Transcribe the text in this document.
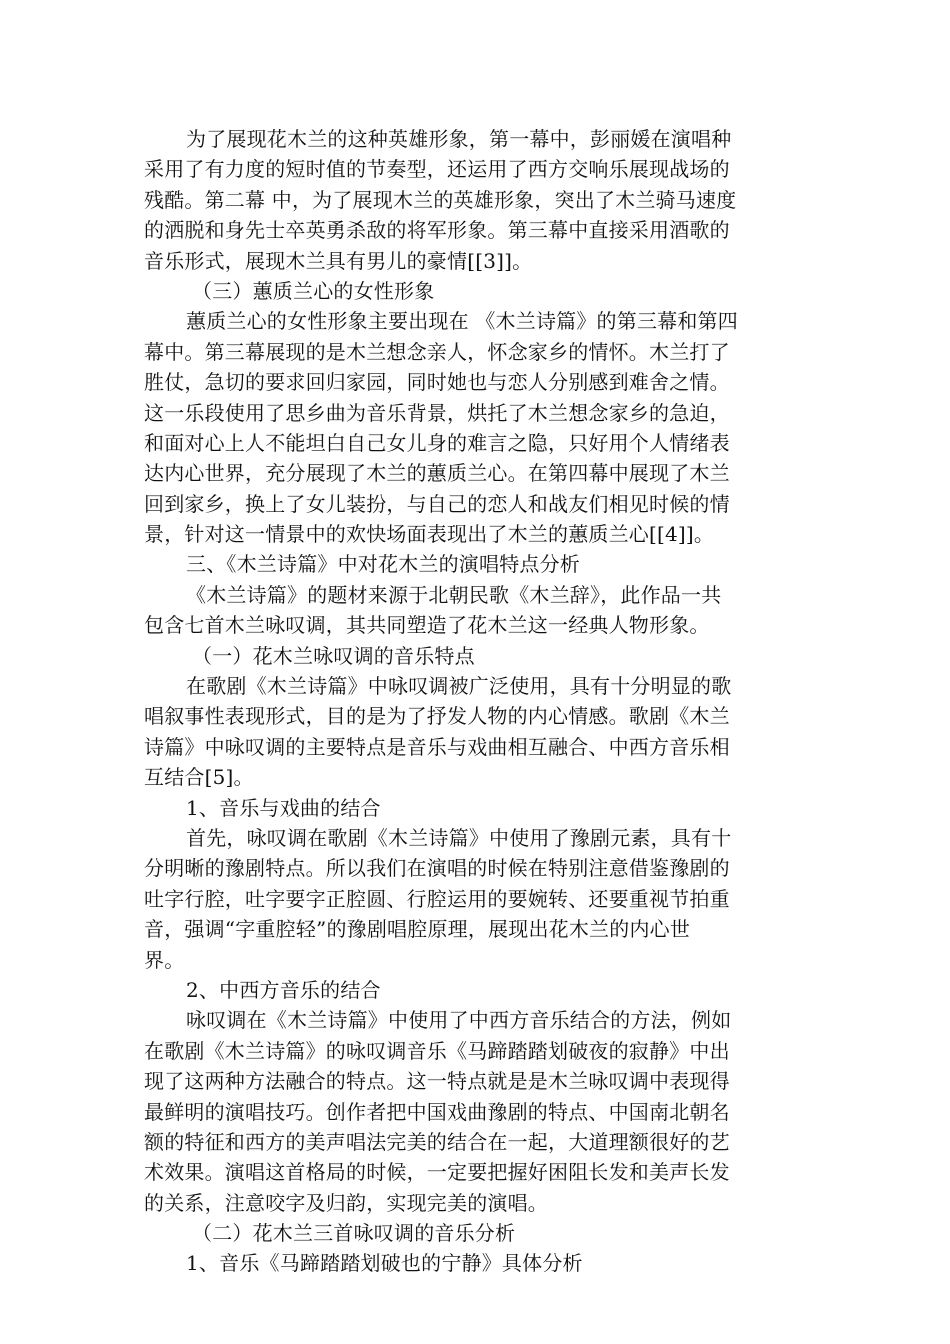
为了展现花木兰的这种英雄形象，第一幕中，彭丽媛在演唱种
采用了有力度的短时值的节奏型，还运用了西方交响乐展现战场的
残酷。第二幕 中，为了展现木兰的英雄形象，突出了木兰骑马速度
的洒脱和身先士卒英勇杀敌的将军形象。第三幕中直接采用酒歌的
音乐形式，展现木兰具有男儿的豪情[[3]]。
（三）蕙质兰心的女性形象
蕙质兰心的女性形象主要出现在 《木兰诗篇》的第三幕和第四
幕中。第三幕展现的是木兰想念亲人，怀念家乡的情怀。木兰打了
胜仗，急切的要求回归家园，同时她也与恋人分别感到难舍之情。
这一乐段使用了思乡曲为音乐背景，烘托了木兰想念家乡的急迫，
和面对心上人不能坦白自己女儿身的难言之隐，只好用个人情绪表
达内心世界，充分展现了木兰的蕙质兰心。在第四幕中展现了木兰
回到家乡，换上了女儿装扮，与自己的恋人和战友们相见时候的情
景，针对这一情景中的欢快场面表现出了木兰的蕙质兰心[[4]]。
三、《木兰诗篇》中对花木兰的演唱特点分析
《木兰诗篇》的题材来源于北朝民歌《木兰辞》，此作品一共
包含七首木兰咏叹调，其共同塑造了花木兰这一经典人物形象。
（一）花木兰咏叹调的音乐特点
在歌剧《木兰诗篇》中咏叹调被广泛使用，具有十分明显的歌
唱叙事性表现形式，目的是为了抒发人物的内心情感。歌剧《木兰
诗篇》中咏叹调的主要特点是音乐与戏曲相互融合、中西方音乐相
互结合[5]。
1、音乐与戏曲的结合
首先，咏叹调在歌剧《木兰诗篇》中使用了豫剧元素，具有十
分明晰的豫剧特点。所以我们在演唱的时候在特别注意借鉴豫剧的
吐字行腔，吐字要字正腔圆、行腔运用的要婉转、还要重视节拍重
音，强调“字重腔轻”的豫剧唱腔原理，展现出花木兰的内心世
界。
2、中西方音乐的结合
咏叹调在《木兰诗篇》中使用了中西方音乐结合的方法，例如
在歌剧《木兰诗篇》的咏叹调音乐《马蹄踏踏划破夜的寂静》中出
现了这两种方法融合的特点。这一特点就是是木兰咏叹调中表现得
最鲜明的演唱技巧。创作者把中国戏曲豫剧的特点、中国南北朝名
额的特征和西方的美声唱法完美的结合在一起，大道理额很好的艺
术效果。演唱这首格局的时候，一定要把握好困阻长发和美声长发
的关系，注意咬字及归韵，实现完美的演唱。
（二）花木兰三首咏叹调的音乐分析
1、音乐《马蹄踏踏划破也的宁静》具体分析
